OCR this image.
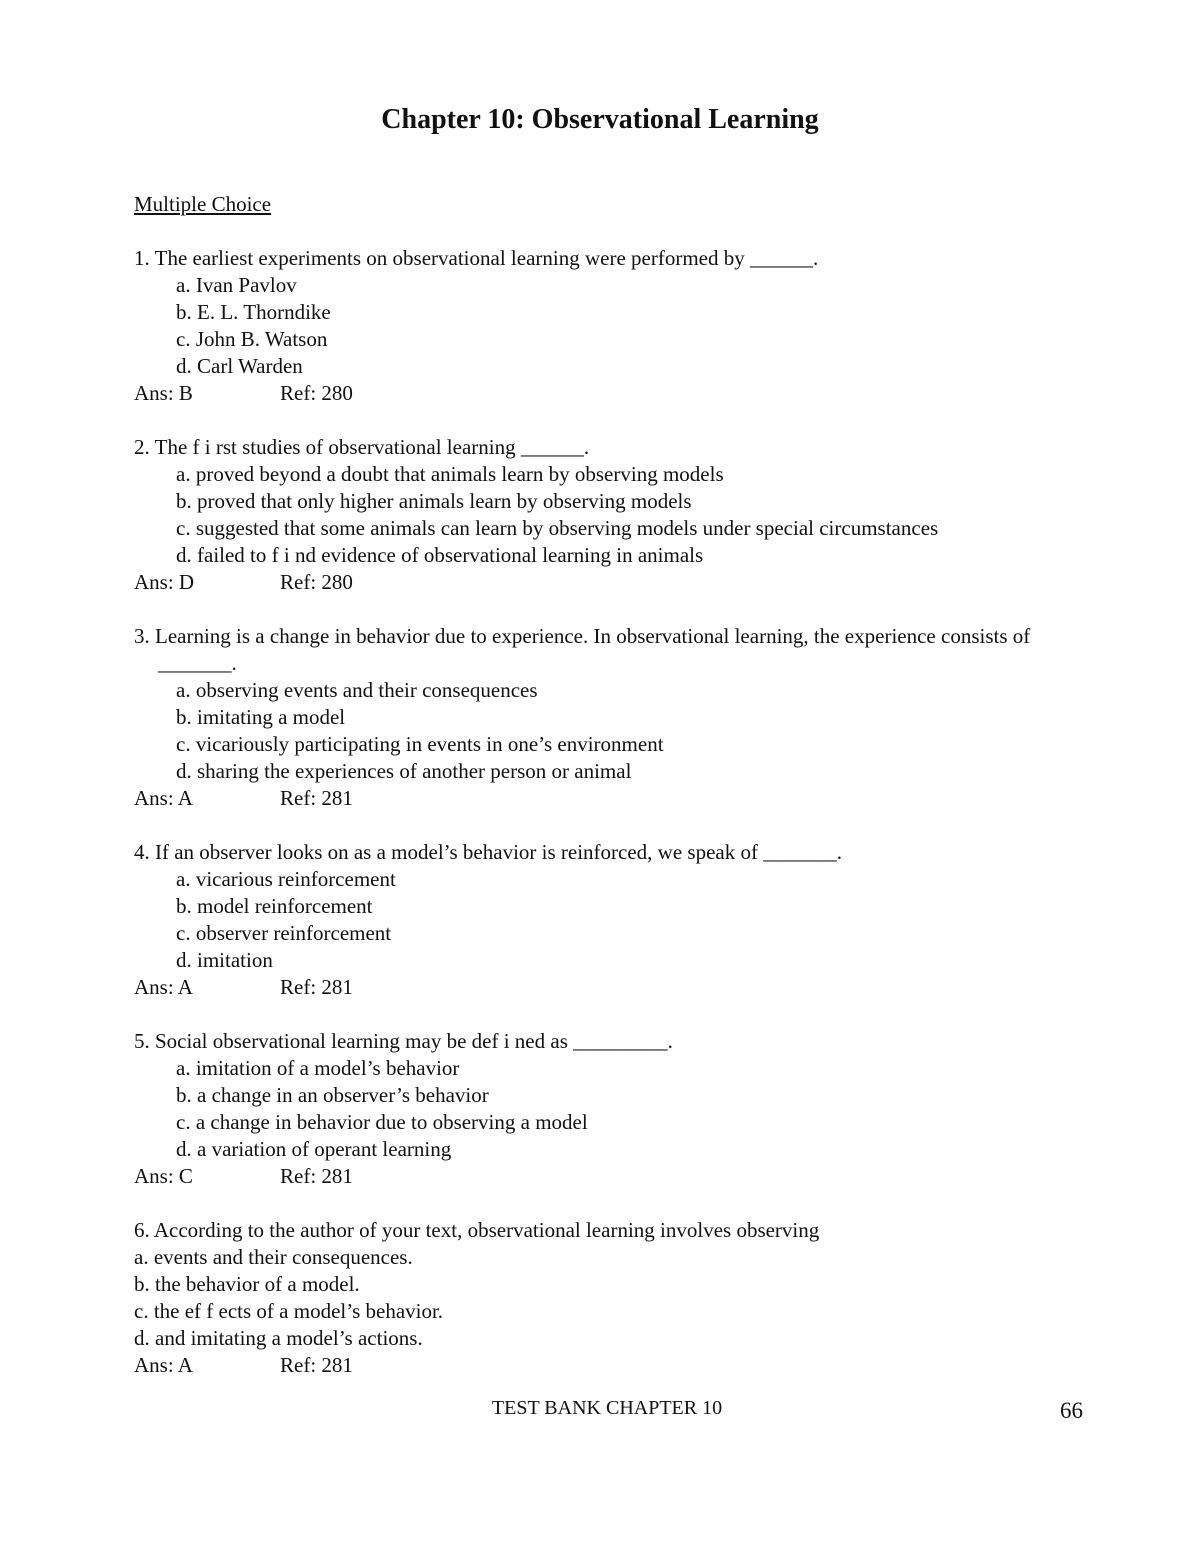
Chapter 10: Observational Learning
Multiple Choice
1. The earliest experiments on observational learning were performed by ______.
a. Ivan Pavlov
b. E. L. Thorndike
c. John B. Watson
d. Carl Warden
Ans: B	Ref: 280
2. The f i rst studies of observational learning ______.
a. proved beyond a doubt that animals learn by observing models
b. proved that only higher animals learn by observing models
c. suggested that some animals can learn by observing models under special circumstances
d. failed to f i nd evidence of observational learning in animals
Ans: D	Ref: 280
3. Learning is a change in behavior due to experience. In observational learning, the experience consists of _______.
a. observing events and their consequences
b. imitating a model
c. vicariously participating in events in one’s environment
d. sharing the experiences of another person or animal
Ans: A	Ref: 281
4. If an observer looks on as a model’s behavior is reinforced, we speak of _______.
a. vicarious reinforcement
b. model reinforcement
c. observer reinforcement
d. imitation
Ans: A	Ref: 281
5. Social observational learning may be def i ned as _________.
a. imitation of a model’s behavior
b. a change in an observer’s behavior
c. a change in behavior due to observing a model
d. a variation of operant learning
Ans: C	Ref: 281
6. According to the author of your text, observational learning involves observing
a. events and their consequences.
b. the behavior of a model.
c. the ef f ects of a model’s behavior.
d. and imitating a model’s actions.
Ans: A	Ref: 281
TEST BANK CHAPTER 10	66
